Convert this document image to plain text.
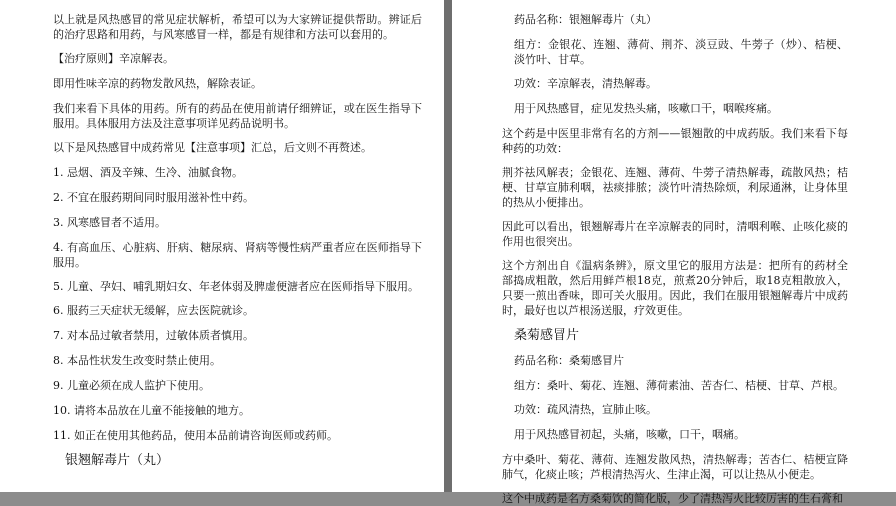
以上就是风热感冒的常见症状解析，希望可以为大家辨证提供帮助。辨证后的治疗思路和用药，与风寒感冒一样，都是有规律和方法可以套用的。

【治疗原则】辛凉解表。

即用性味辛凉的药物发散风热，解除表证。

我们来看下具体的用药。所有的药品在使用前请仔细辨证，或在医生指导下服用。具体服用方法及注意事项详见药品说明书。

以下是风热感冒中成药常见【注意事项】汇总，后文则不再赘述。

1. 忌烟、酒及辛辣、生冷、油腻食物。

2. 不宜在服药期间同时服用滋补性中药。

3. 风寒感冒者不适用。

4. 有高血压、心脏病、肝病、糖尿病、肾病等慢性病严重者应在医师指导下服用。

5. 儿童、孕妇、哺乳期妇女、年老体弱及脾虚便溏者应在医师指导下服用。

6. 服药三天症状无缓解，应去医院就诊。

7. 对本品过敏者禁用，过敏体质者慎用。

8. 本品性状发生改变时禁止使用。

9. 儿童必须在成人监护下使用。

10. 请将本品放在儿童不能接触的地方。

11. 如正在使用其他药品，使用本品前请咨询医师或药师。

银翘解毒片（丸）

药品名称：银翘解毒片（丸）

组方：金银花、连翘、薄荷、荆芥、淡豆豉、牛蒡子（炒）、桔梗、淡竹叶、甘草。

功效：辛凉解表，清热解毒。

用于风热感冒，症见发热头痛，咳嗽口干，咽喉疼痛。

这个药是中医里非常有名的方剂——银翘散的中成药版。我们来看下每种药的功效：

荆芥祛风解表；金银花、连翘、薄荷、牛蒡子清热解毒，疏散风热；桔梗、甘草宣肺利咽，祛痰排脓；淡竹叶清热除烦，利尿通淋，让身体里的热从小便排出。

因此可以看出，银翘解毒片在辛凉解表的同时，清咽利喉、止咳化痰的作用也很突出。

这个方剂出自《温病条辨》，原文里它的服用方法是：把所有的药材全部捣成粗散，然后用鲜芦根18克，煎煮20分钟后，取18克粗散放入，只要一煎出香味，即可关火服用。因此，我们在服用银翘解毒片中成药时，最好也以芦根汤送服，疗效更佳。

桑菊感冒片

药品名称：桑菊感冒片

组方：桑叶、菊花、连翘、薄荷素油、苦杏仁、桔梗、甘草、芦根。

功效：疏风清热，宣肺止咳。

用于风热感冒初起，头痛，咳嗽，口干，咽痛。

方中桑叶、菊花、薄荷、连翘发散风热，清热解毒；苦杏仁、桔梗宣降肺气，化痰止咳；芦根清热泻火、生津止渴，可以让热从小便走。

这个中成药是名方桑菊饮的简化版，少了清热泻火比较厉害的生石膏和
